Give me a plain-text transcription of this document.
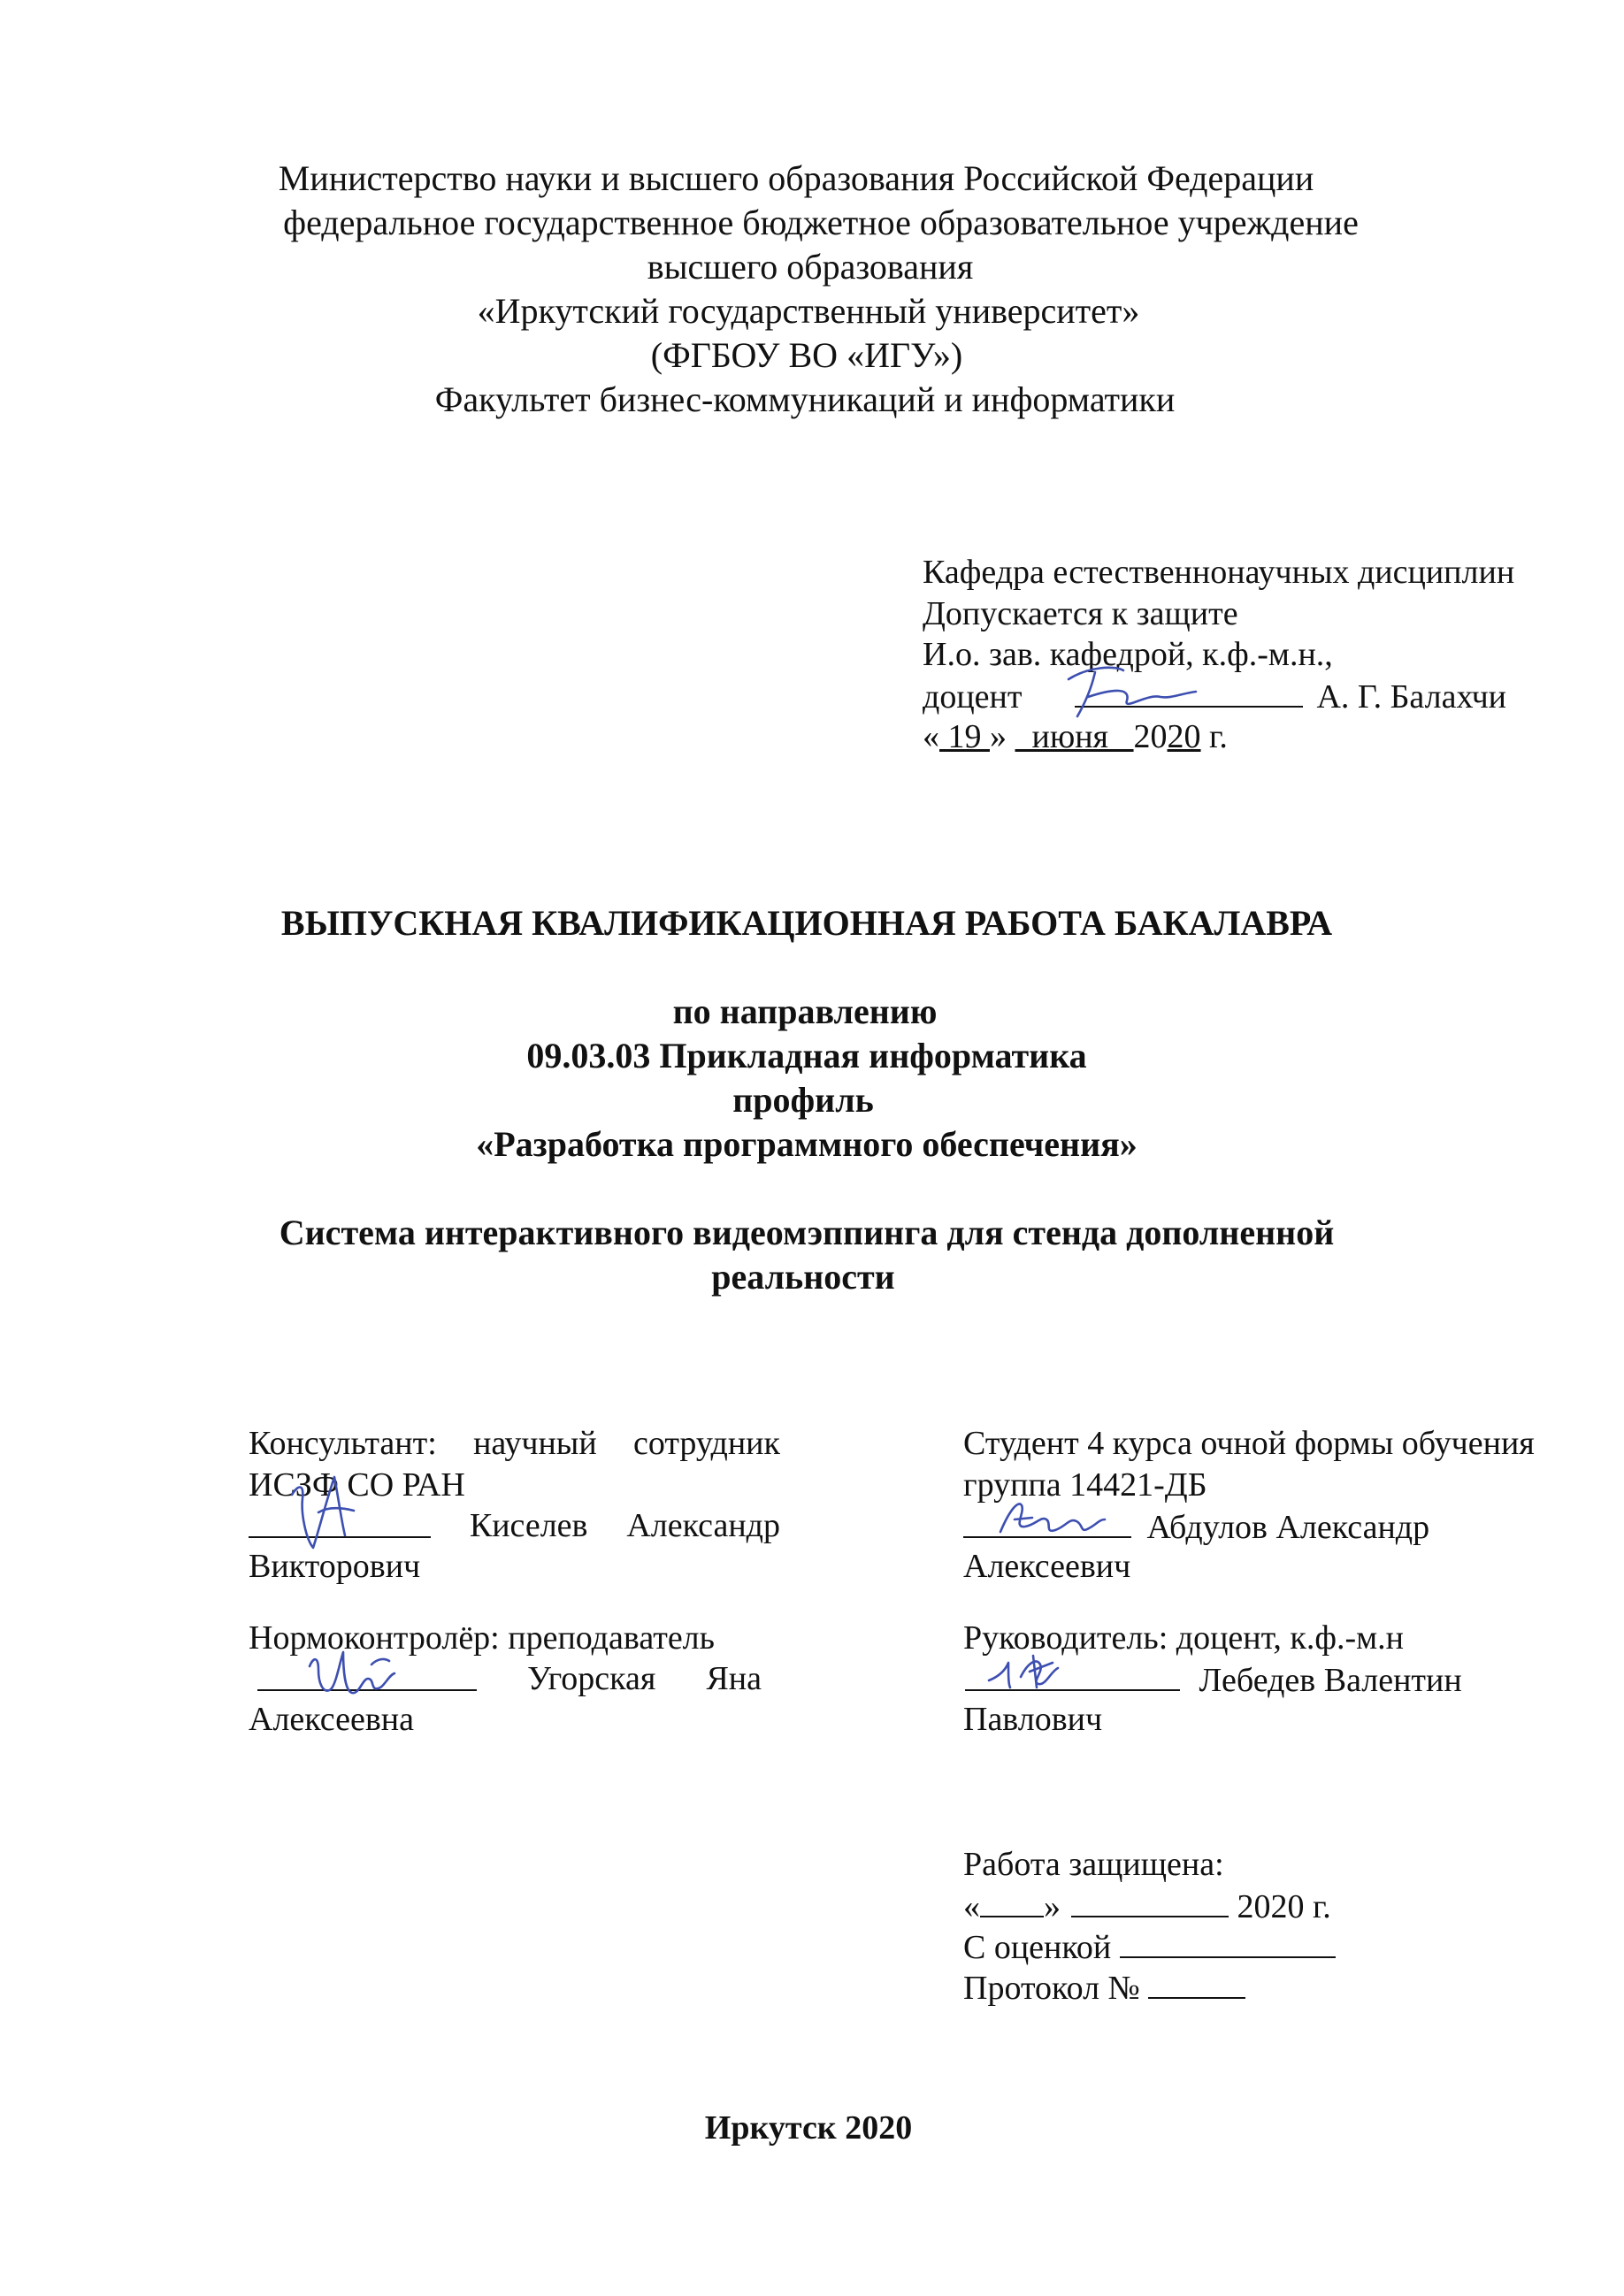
Министерство науки и высшего образования Российской Федерации
федеральное государственное бюджетное образовательное учреждение
высшего образования
«Иркутский государственный университет»
(ФГБОУ ВО «ИГУ»)
Факультет бизнес-коммуникаций и информатики
Кафедра естественнонаучных дисциплин
Допускается к защите
И.о. зав. кафедрой, к.ф.-м.н.,
доцент	А. Г. Балахчи
« 19 »   июня   2020 г.
ВЫПУСКНАЯ КВАЛИФИКАЦИОННАЯ РАБОТА БАКАЛАВРА
по направлению
09.03.03 Прикладная информатика
профиль
«Разработка программного обеспечения»
Система интерактивного видеомэппинга для стенда дополненной
реальности
Консультант: научный сотрудник
ИСЗФ СО РАН
Киселев Александр
Викторович
Студент 4 курса очной формы обучения
группа 14421-ДБ
Абдулов Александр
Алексеевич
Нормоконтролёр: преподаватель
Угорская Яна
Алексеевна
Руководитель: доцент, к.ф.-м.н
Лебедев Валентин
Павлович
Работа защищена:
« »	2020 г.
С оценкой
Протокол №
Иркутск 2020
